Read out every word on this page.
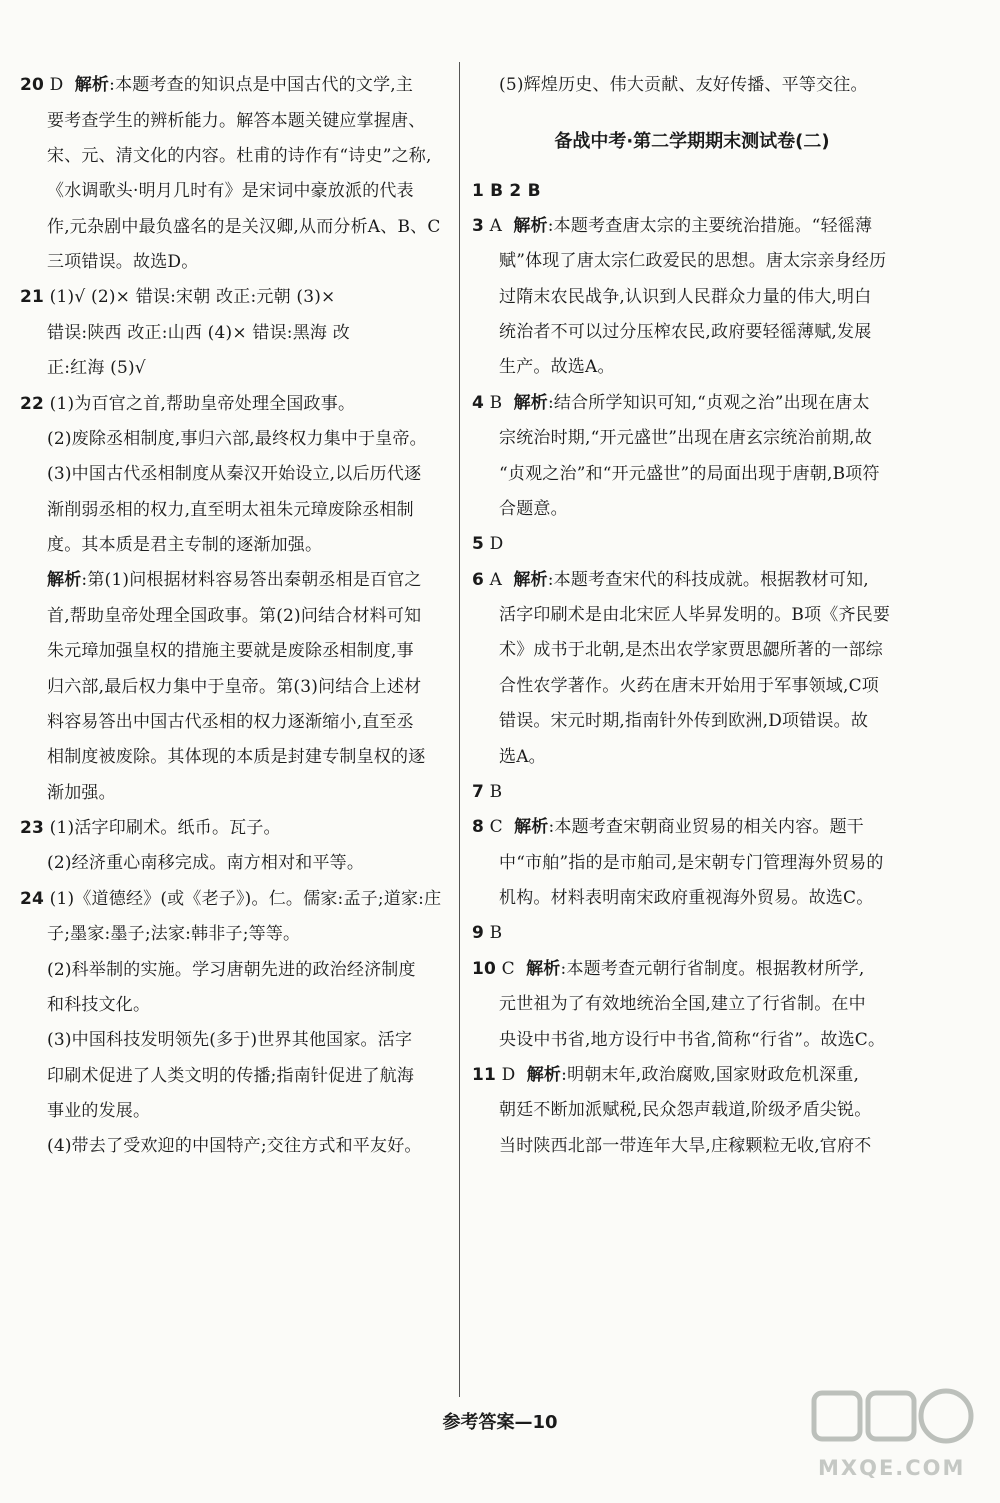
20 D 解析:本题考查的知识点是中国古代的文学,主

要考查学生的辨析能力。解答本题关键应掌握唐、

宋、元、清文化的内容。杜甫的诗作有“诗史”之称,

《水调歌头·明月几时有》是宋词中豪放派的代表

作,元杂剧中最负盛名的是关汉卿,从而分析A、B、C

三项错误。故选D。

21 (1)√ (2)× 错误:宋朝 改正:元朝 (3)×

错误:陕西 改正:山西 (4)× 错误:黑海 改

正:红海 (5)√

22 (1)为百官之首,帮助皇帝处理全国政事。

(2)废除丞相制度,事归六部,最终权力集中于皇帝。

(3)中国古代丞相制度从秦汉开始设立,以后历代逐

渐削弱丞相的权力,直至明太祖朱元璋废除丞相制

度。其本质是君主专制的逐渐加强。

解析:第(1)问根据材料容易答出秦朝丞相是百官之

首,帮助皇帝处理全国政事。第(2)问结合材料可知

朱元璋加强皇权的措施主要就是废除丞相制度,事

归六部,最后权力集中于皇帝。第(3)问结合上述材

料容易答出中国古代丞相的权力逐渐缩小,直至丞

相制度被废除。其体现的本质是封建专制皇权的逐

渐加强。

23 (1)活字印刷术。纸币。瓦子。

(2)经济重心南移完成。南方相对和平等。

24 (1)《道德经》(或《老子》)。仁。儒家:孟子;道家:庄

子;墨家:墨子;法家:韩非子;等等。

(2)科举制的实施。学习唐朝先进的政治经济制度

和科技文化。

(3)中国科技发明领先(多于)世界其他国家。活字

印刷术促进了人类文明的传播;指南针促进了航海

事业的发展。

(4)带去了受欢迎的中国特产;交往方式和平友好。

(5)辉煌历史、伟大贡献、友好传播、平等交往。

备战中考·第二学期期末测试卷(二)

1 B 2 B

3 A 解析:本题考查唐太宗的主要统治措施。“轻徭薄

赋”体现了唐太宗仁政爱民的思想。唐太宗亲身经历

过隋末农民战争,认识到人民群众力量的伟大,明白

统治者不可以过分压榨农民,政府要轻徭薄赋,发展

生产。故选A。

4 B 解析:结合所学知识可知,“贞观之治”出现在唐太

宗统治时期,“开元盛世”出现在唐玄宗统治前期,故

“贞观之治”和“开元盛世”的局面出现于唐朝,B项符

合题意。

5 D

6 A 解析:本题考查宋代的科技成就。根据教材可知,

活字印刷术是由北宋匠人毕昇发明的。B项《齐民要

术》成书于北朝,是杰出农学家贾思勰所著的一部综

合性农学著作。火药在唐末开始用于军事领域,C项

错误。宋元时期,指南针外传到欧洲,D项错误。故

选A。

7 B

8 C 解析:本题考查宋朝商业贸易的相关内容。题干

中“市舶”指的是市舶司,是宋朝专门管理海外贸易的

机构。材料表明南宋政府重视海外贸易。故选C。

9 B

10 C 解析:本题考查元朝行省制度。根据教材所学,

元世祖为了有效地统治全国,建立了行省制。在中

央设中书省,地方设行中书省,简称“行省”。故选C。

11 D 解析:明朝末年,政治腐败,国家财政危机深重,

朝廷不断加派赋税,民众怨声载道,阶级矛盾尖锐。

当时陕西北部一带连年大旱,庄稼颗粒无收,官府不

参考答案—10
MXQE.COM
